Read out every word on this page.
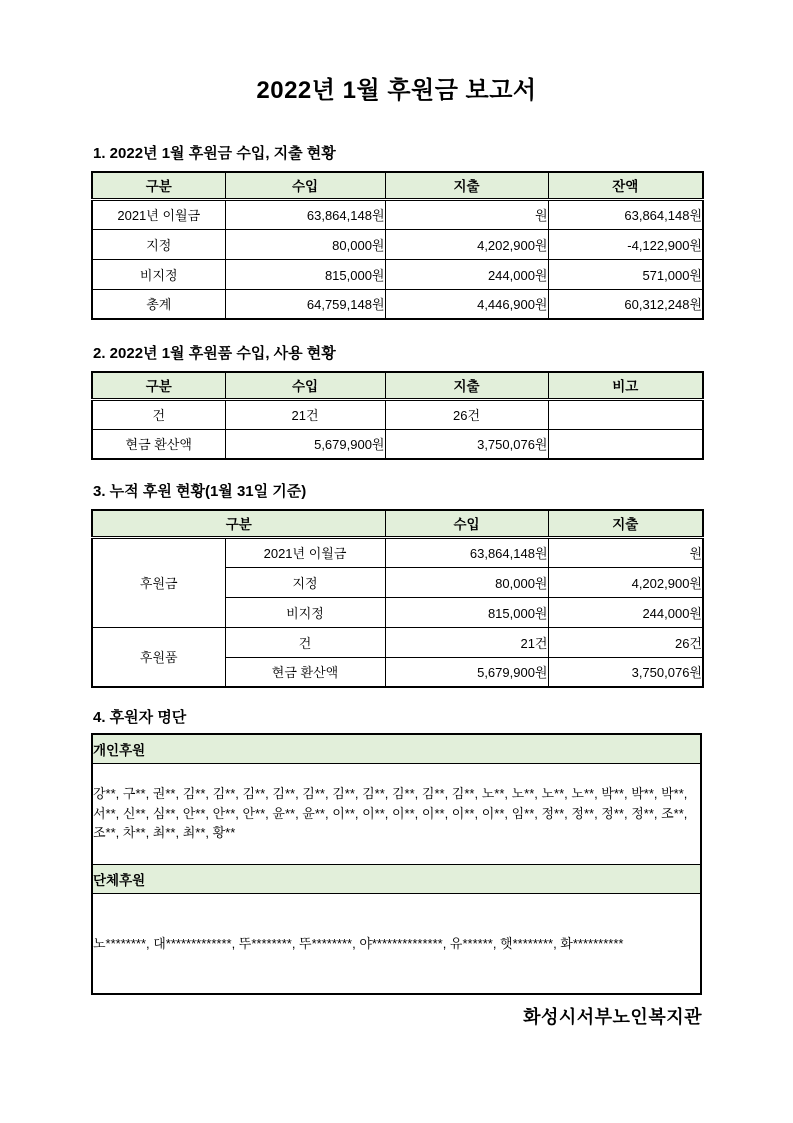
2022년 1월 후원금 보고서
1. 2022년 1월 후원금 수입, 지출 현황
구분	수입	지출	잔액
2021년 이월금	63,864,148원	원	63,864,148원
지정	80,000원	4,202,900원	-4,122,900원
비지정	815,000원	244,000원	571,000원
총계	64,759,148원	4,446,900원	60,312,248원
2. 2022년 1월 후원품 수입, 사용 현황
구분	수입	지출	비고
건	21건	26건	
현금 환산액	5,679,900원	3,750,076원	
3. 누적 후원 현황(1월 31일 기준)
구분		수입	지출
후원금	2021년 이월금	63,864,148원	원
	지정	80,000원	4,202,900원
	비지정	815,000원	244,000원
후원품	건	21건	26건
	현금 환산액	5,679,900원	3,750,076원
4. 후원자 명단
개인후원
강**, 구**, 권**, 김**, 김**, 김**, 김**, 김**, 김**, 김**, 김**, 김**, 김**, 노**, 노**, 노**, 노**, 박**, 박**, 박**, 서**, 신**, 심**, 안**, 안**, 안**, 윤**, 윤**, 이**, 이**, 이**, 이**, 이**, 이**, 임**, 정**, 정**, 정**, 정**, 조**, 조**, 차**, 최**, 최**, 황**
단체후원
노********, 대*************, 뚜********, 뚜********, 야**************, 유******, 햇********, 화**********
화성시서부노인복지관
